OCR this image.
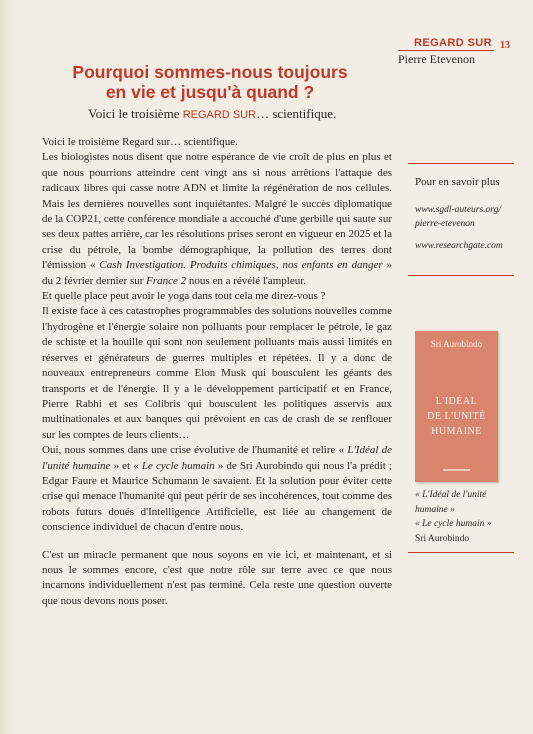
REGARD SUR 13
Pierre Etevenon
Pourquoi sommes-nous toujours
en vie et jusqu'à quand ?
Voici le troisième REGARD SUR… scientifique.

Voici le troisième Regard sur… scientifique.

Les biologistes nous disent que notre espérance de vie croît de plus en plus et que nous pourrions atteindre cent vingt ans si nous arrêtions l'attaque des radicaux libres qui casse notre ADN et limite la régénération de nos cellules. Mais les dernières nouvelles sont inquiétantes. Malgré le succès diplomatique de la COP21, cette conférence mondiale a accouché d'une gerbille qui saute sur ses deux pattes arrière, car les résolutions prises seront en vigueur en 2025 et la crise du pétrole, la bombe démographique, la pollution des terres dont l'émission « Cash Investigation. Produits chimiques, nos enfants en danger » du 2 février dernier sur France 2 nous en a révélé l'ampleur.

Et quelle place peut avoir le yoga dans tout cela me direz-vous ?

Il existe face à ces catastrophes programmables des solutions nouvelles comme l'hydrogène et l'énergie solaire non polluants pour remplacer le pétrole, le gaz de schiste et la houille qui sont non seulement polluants mais aussi limités en réserves et générateurs de guerres multiples et répétées. Il y a donc de nouveaux entrepreneurs comme Elon Musk qui bousculent les géants des transports et de l'énergie. Il y a le développement participatif et en France, Pierre Rabhi et ses Colibris qui bousculent les politiques asservis aux multinationales et aux banques qui prévoient en cas de crash de se renflouer sur les comptes de leurs clients…

Oui, nous sommes dans une crise évolutive de l'humanité et relire « L'Idéal de l'unité humaine » et « Le cycle humain » de Sri Aurobindo qui nous l'a prédit ; Edgar Faure et Maurice Schumann le savaient. Et la solution pour éviter cette crise qui menace l'humanité qui peut périr de ses incohérences, tout comme des robots futurs doués d'Intelligence Artificielle, est liée au changement de conscience individuel de chacun d'entre nous.

C'est un miracle permanent que nous soyons en vie ici, et maintenant, et si nous le sommes encore, c'est que notre rôle sur terre avec ce que nous incarnons individuellement n'est pas terminé. Cela reste une question ouverte que nous devons nous poser.

Pour en savoir plus
www.sgdl-auteurs.org/
pierre-etevenon
www.researchgate.com
Sri Aurobindo
L'IDÉAL
DE L'UNITÉ
HUMAINE
« L'Idéal de l'unité
humaine »
« Le cycle humain »
Sri Aurobindo
